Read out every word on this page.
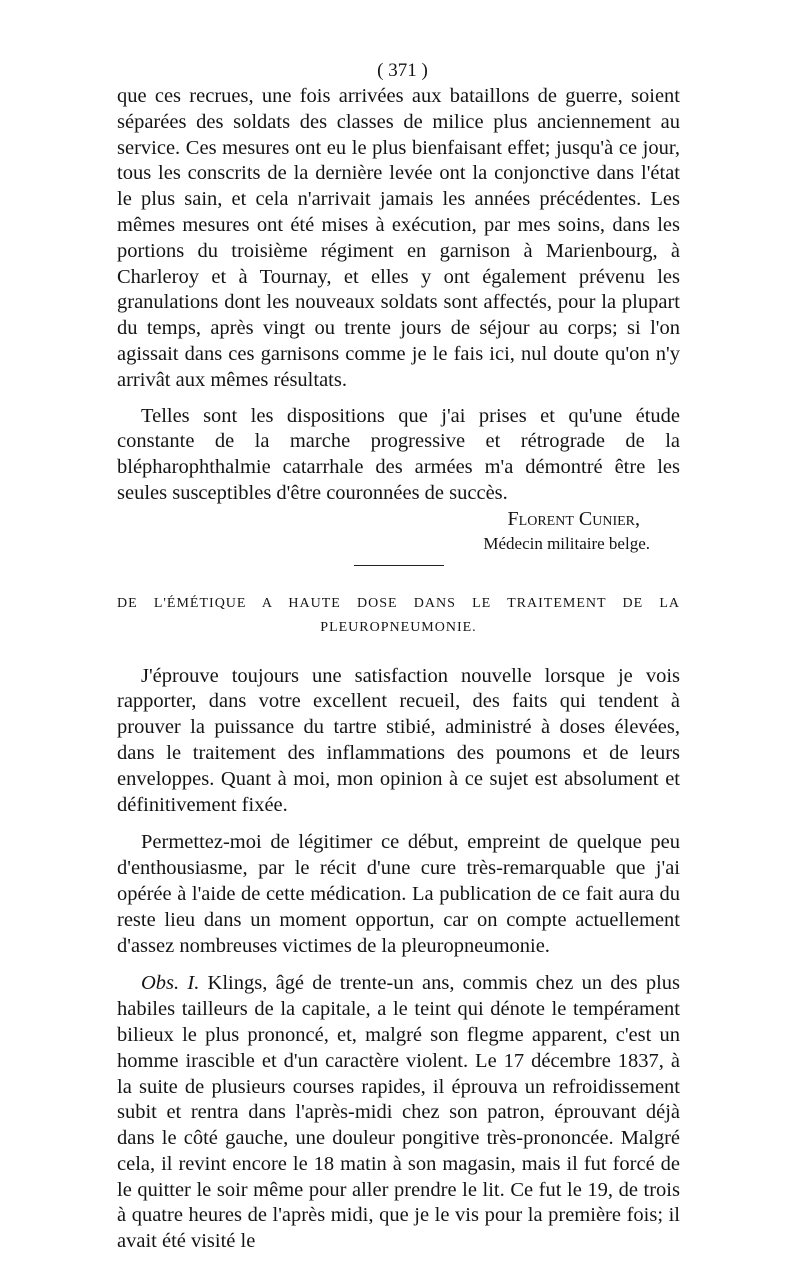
( 371 )

que ces recrues, une fois arrivées aux bataillons de guerre, soient séparées des soldats des classes de milice plus anciennement au service. Ces mesures ont eu le plus bienfaisant effet; jusqu'à ce jour, tous les conscrits de la dernière levée ont la conjonctive dans l'état le plus sain, et cela n'arrivait jamais les années précédentes. Les mêmes mesures ont été mises à exécution, par mes soins, dans les portions du troisième régiment en garnison à Marienbourg, à Charleroy et à Tournay, et elles y ont également prévenu les granulations dont les nouveaux soldats sont affectés, pour la plupart du temps, après vingt ou trente jours de séjour au corps; si l'on agissait dans ces garnisons comme je le fais ici, nul doute qu'on n'y arrivât aux mêmes résultats.

Telles sont les dispositions que j'ai prises et qu'une étude constante de la marche progressive et rétrograde de la blépharophthalmie catarrhale des armées m'a démontré être les seules susceptibles d'être couronnées de succès.

Florent Cunier,
Médecin militaire belge.
DE L'ÉMÉTIQUE A HAUTE DOSE DANS LE TRAITEMENT DE LA
PLEUROPNEUMONIE.

J'éprouve toujours une satisfaction nouvelle lorsque je vois rapporter, dans votre excellent recueil, des faits qui tendent à prouver la puissance du tartre stibié, administré à doses élevées, dans le traitement des inflammations des poumons et de leurs enveloppes. Quant à moi, mon opinion à ce sujet est absolument et définitivement fixée.

Permettez-moi de légitimer ce début, empreint de quelque peu d'enthousiasme, par le récit d'une cure très-remarquable que j'ai opérée à l'aide de cette médication. La publication de ce fait aura du reste lieu dans un moment opportun, car on compte actuellement d'assez nombreuses victimes de la pleuropneumonie.

Obs. I. Klings, âgé de trente-un ans, commis chez un des plus habiles tailleurs de la capitale, a le teint qui dénote le tempérament bilieux le plus prononcé, et, malgré son flegme apparent, c'est un homme irascible et d'un caractère violent. Le 17 décembre 1837, à la suite de plusieurs courses rapides, il éprouva un refroidissement subit et rentra dans l'après-midi chez son patron, éprouvant déjà dans le côté gauche, une douleur pongitive très-prononcée. Malgré cela, il revint encore le 18 matin à son magasin, mais il fut forcé de le quitter le soir même pour aller prendre le lit. Ce fut le 19, de trois à quatre heures de l'après midi, que je le vis pour la première fois; il avait été visité le
